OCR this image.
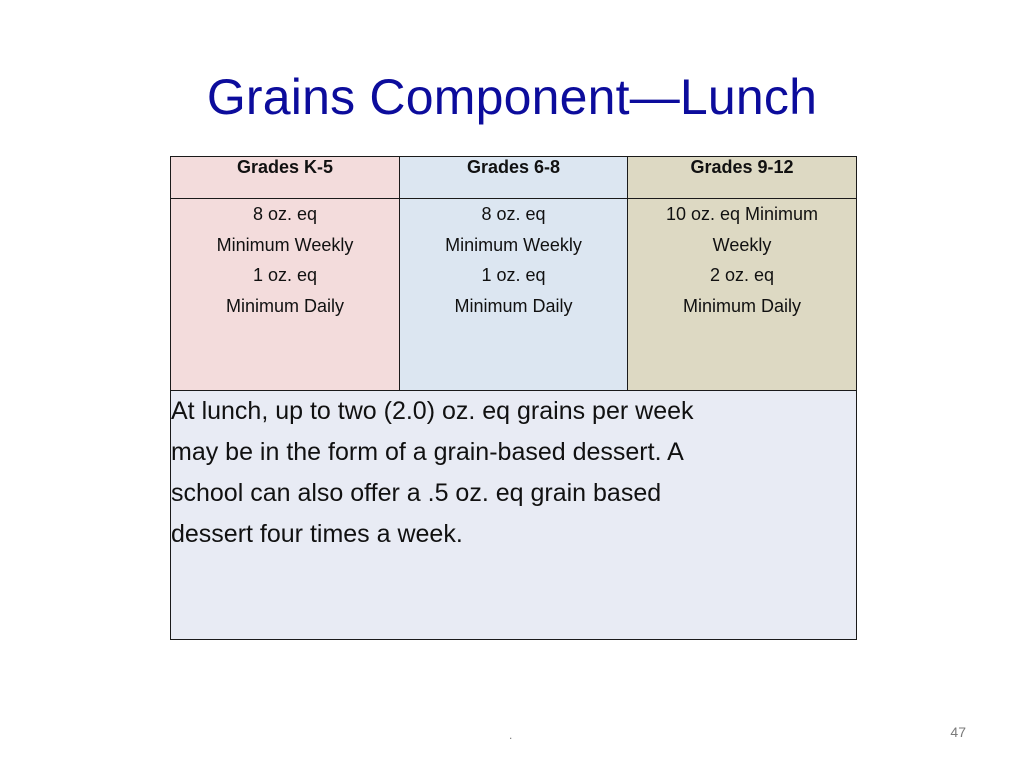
Grains Component—Lunch
Grades K-5	Grades 6-8	Grades 9-12

8 oz. eq
Minimum Weekly
1 oz. eq
Minimum Daily	8 oz. eq
Minimum Weekly
1 oz. eq
Minimum Daily	10 oz. eq Minimum
Weekly
2 oz. eq
Minimum Daily

At lunch, up to two (2.0) oz. eq grains per week
may be in the form of a grain-based dessert. A
school can also offer a .5 oz. eq grain based
dessert four times a week.		
.	47
